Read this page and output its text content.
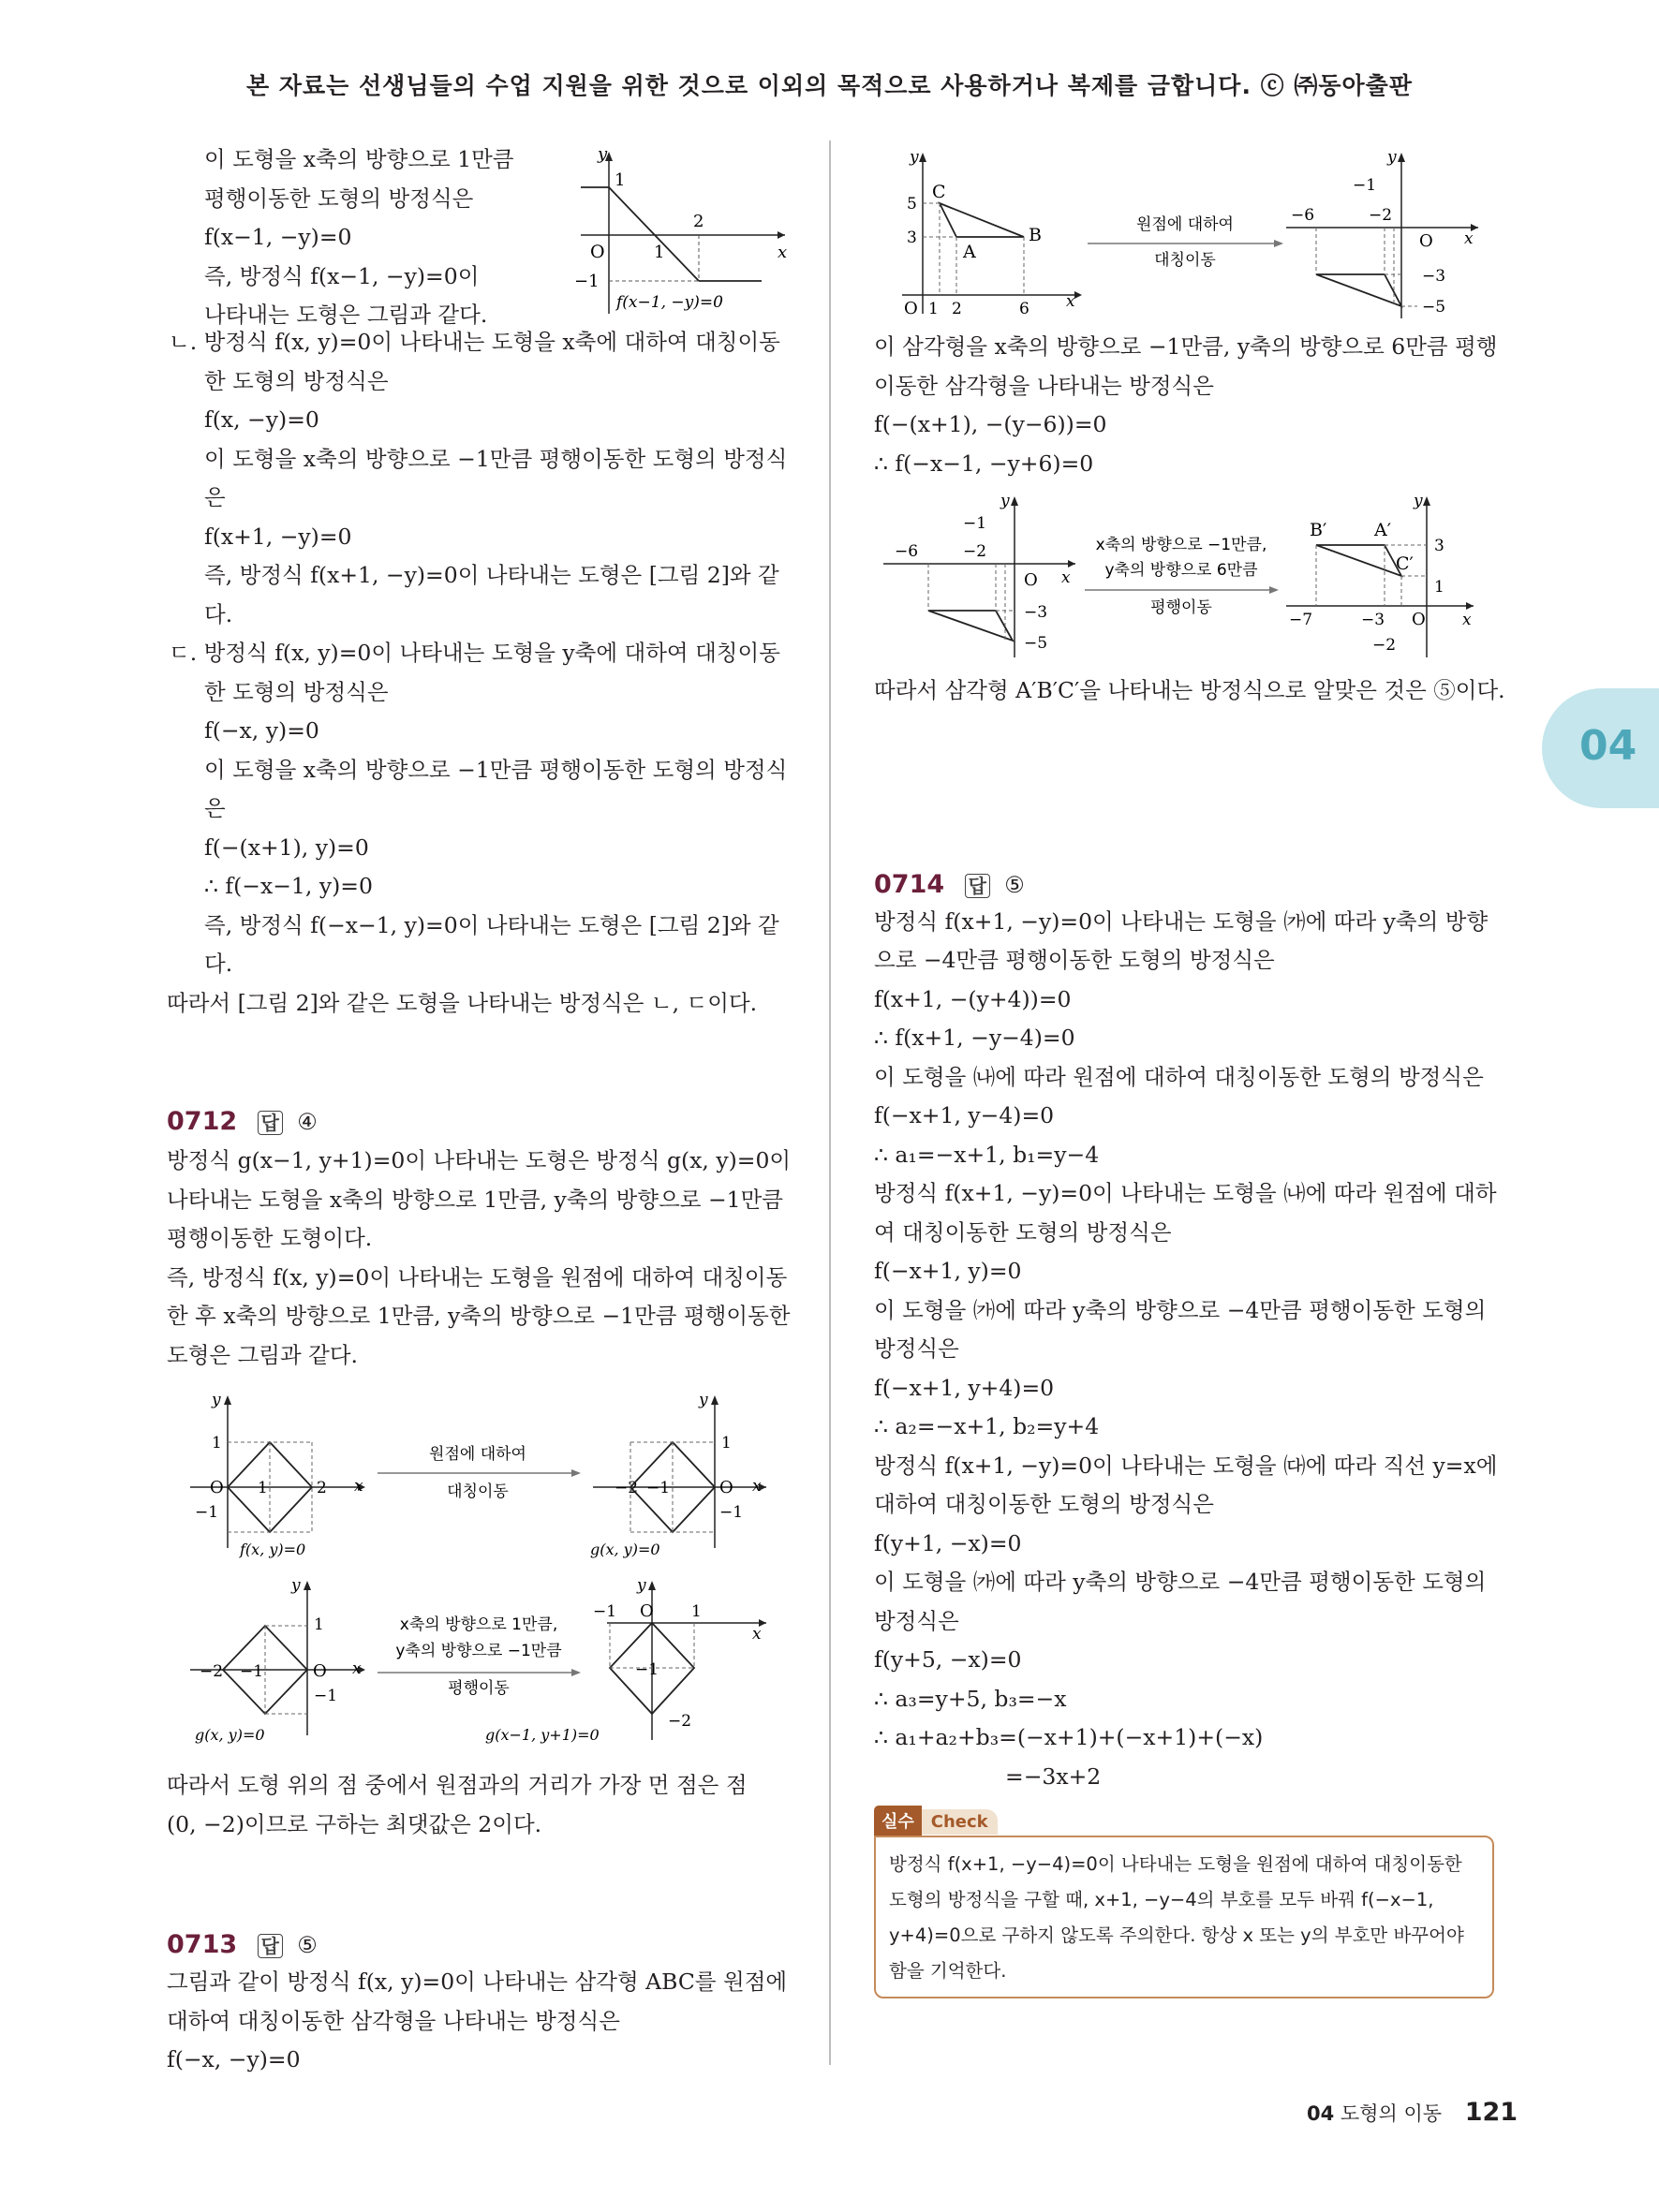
본 자료는 선생님들의 수업 지원을 위한 것으로 이외의 목적으로 사용하거나 복제를 금합니다. ⓒ ㈜동아출판
04
이 도형을 x축의 방향으로 1만큼
평행이동한 도형의 방정식은
f(x−1, −y)=0
즉, 방정식 f(x−1, −y)=0이
나타내는 도형은 그림과 같다.
y
x
O
1
1
2
−1
f(x−1, −y)=0
ㄴ. 방정식 f(x, y)=0이 나타내는 도형을 x축에 대하여 대칭이동한 도형의 방정식은
f(x, −y)=0
이 도형을 x축의 방향으로 −1만큼 평행이동한 도형의 방정식은
f(x+1, −y)=0
즉, 방정식 f(x+1, −y)=0이 나타내는 도형은 [그림 2]와 같다.
ㄷ. 방정식 f(x, y)=0이 나타내는 도형을 y축에 대하여 대칭이동한 도형의 방정식은
f(−x, y)=0
이 도형을 x축의 방향으로 −1만큼 평행이동한 도형의 방정식은
f(−(x+1), y)=0
∴ f(−x−1, y)=0
즉, 방정식 f(−x−1, y)=0이 나타내는 도형은 [그림 2]와 같다.
따라서 [그림 2]와 같은 도형을 나타내는 방정식은 ㄴ, ㄷ이다.
0712 답 ④
방정식 g(x−1, y+1)=0이 나타내는 도형은 방정식 g(x, y)=0이 나타내는 도형을 x축의 방향으로 1만큼, y축의 방향으로 −1만큼 평행이동한 도형이다.
즉, 방정식 f(x, y)=0이 나타내는 도형을 원점에 대하여 대칭이동한 후 x축의 방향으로 1만큼, y축의 방향으로 −1만큼 평행이동한 도형은 그림과 같다.
y
x
O
1
1	2
−1
f(x, y)=0
원점에 대하여
대칭이동
y
x
O
1
−2 −1
−1
g(x, y)=0
y
x
O
1
−2 −1
−1
g(x, y)=0
x축의 방향으로 1만큼,
y축의 방향으로 −1만큼
평행이동
y
x
O
−1	1
−1
−2
g(x−1, y+1)=0
따라서 도형 위의 점 중에서 원점과의 거리가 가장 먼 점은 점
(0, −2)이므로 구하는 최댓값은 2이다.
0713 답 ⑤
그림과 같이 방정식 f(x, y)=0이 나타내는 삼각형 ABC를 원점에 대하여 대칭이동한 삼각형을 나타내는 방정식은
f(−x, −y)=0
y
x
O 1 2	6
5
3
C
A
B	원점에 대하여
대칭이동
y
x
O
−1
−2
−6
−3
−5
이 삼각형을 x축의 방향으로 −1만큼, y축의 방향으로 6만큼 평행이동한 삼각형을 나타내는 방정식은
f(−(x+1), −(y−6))=0
∴ f(−x−1, −y+6)=0
y
x
O
−6
−1
−2
−3
−5
x축의 방향으로 −1만큼,
y축의 방향으로 6만큼
평행이동
y
x
O
−7	−3
−2
3
1
B′	A′
C′
따라서 삼각형 A′B′C′을 나타내는 방정식으로 알맞은 것은 ⑤이다.
0714 답 ⑤
방정식 f(x+1, −y)=0이 나타내는 도형을 ㈎에 따라 y축의 방향으로 −4만큼 평행이동한 도형의 방정식은
f(x+1, −(y+4))=0
∴ f(x+1, −y−4)=0
이 도형을 ㈏에 따라 원점에 대하여 대칭이동한 도형의 방정식은
f(−x+1, y−4)=0
∴ a₁=−x+1, b₁=y−4
방정식 f(x+1, −y)=0이 나타내는 도형을 ㈏에 따라 원점에 대하여 대칭이동한 도형의 방정식은
f(−x+1, y)=0
이 도형을 ㈎에 따라 y축의 방향으로 −4만큼 평행이동한 도형의 방정식은
f(−x+1, y+4)=0
∴ a₂=−x+1, b₂=y+4
방정식 f(x+1, −y)=0이 나타내는 도형을 ㈐에 따라 직선 y=x에 대하여 대칭이동한 도형의 방정식은
f(y+1, −x)=0
이 도형을 ㈎에 따라 y축의 방향으로 −4만큼 평행이동한 도형의 방정식은
f(y+5, −x)=0
∴ a₃=y+5, b₃=−x
∴ a₁+a₂+b₃=(−x+1)+(−x+1)+(−x)
=−3x+2
실수 Check
방정식 f(x+1, −y−4)=0이 나타내는 도형을 원점에 대하여 대칭이동한 도형의 방정식을 구할 때, x+1, −y−4의 부호를 모두 바꿔 f(−x−1, y+4)=0으로 구하지 않도록 주의한다. 항상 x 또는 y의 부호만 바꾸어야 함을 기억한다.
04 도형의 이동 121
